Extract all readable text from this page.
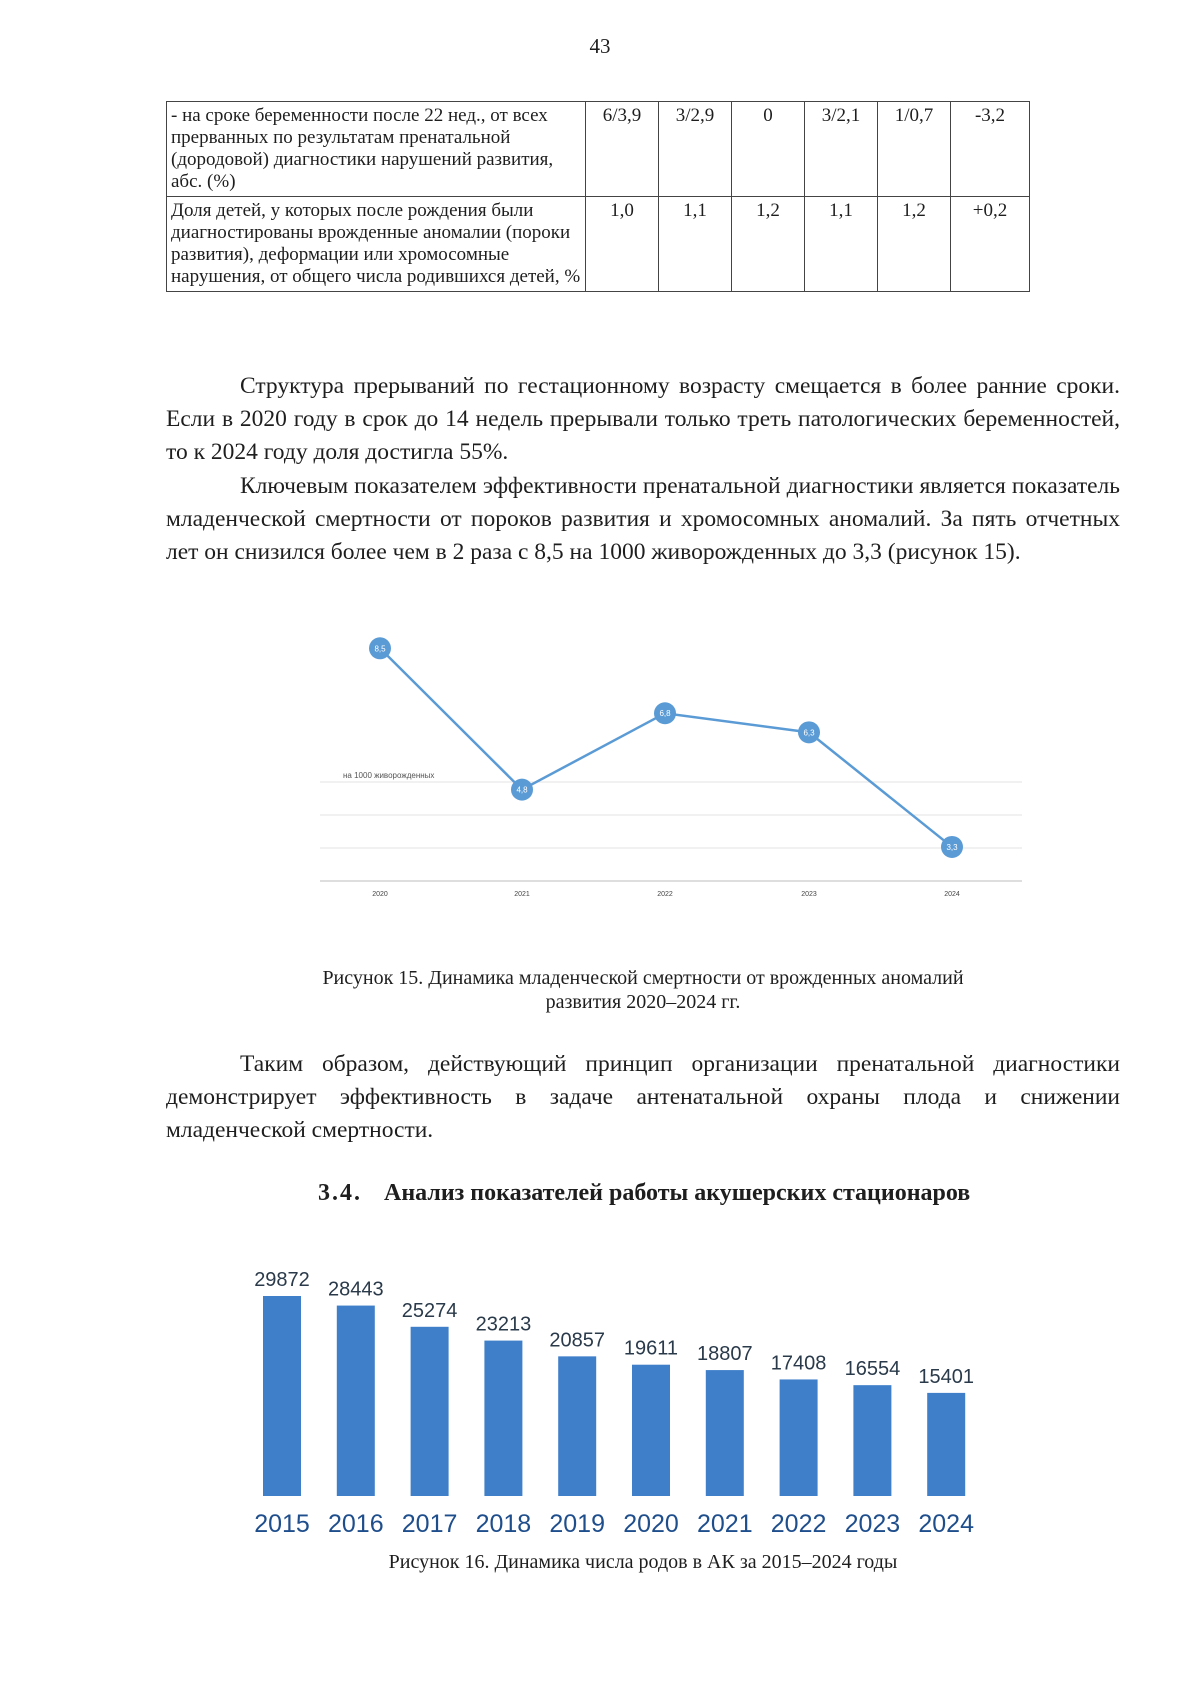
43
- на сроке беременности после 22 нед., от всех прерванных по результатам пренатальной (дородовой) диагностики нарушений развития, абс. (%)	6/3,9	3/2,9	0	3/2,1	1/0,7	-3,2
Доля детей, у которых после рождения были диагностированы врожденные аномалии (пороки развития), деформации или хромосомные нарушения, от общего числа родившихся детей, %	1,0	1,1	1,2	1,1	1,2	+0,2

Структура прерываний по гестационному возрасту смещается в более ранние сроки. Если в 2020 году в срок до 14 недель прерывали только треть патологических беременностей, то к 2024 году доля достигла 55%.

Ключевым показателем эффективности пренатальной диагностики является показатель младенческой смертности от пороков развития и хромосомных аномалий. За пять отчетных лет он снизился более чем в 2 раза с 8,5 на 1000 живорожденных до 3,3 (рисунок 15).

на 1000 живорожденных
8,5
2020
4,8
2021
6,8
2022
6,3
2023
3,3
2024

Рисунок 15. Динамика младенческой смертности от врожденных аномалий

развития 2020–2024 гг.

Таким образом, действующий принцип организации пренатальной диагностики демонстрирует эффективность в задаче антенатальной охраны плода и снижении младенческой смертности.

3.4. Анализ показателей работы акушерских стационаров
29872
2015
28443
2016
25274
2017
23213
2018
20857
2019
19611
2020
18807
2021
17408
2022
16554
2023
15401
2024

Рисунок 16. Динамика числа родов в АК за 2015–2024 годы
